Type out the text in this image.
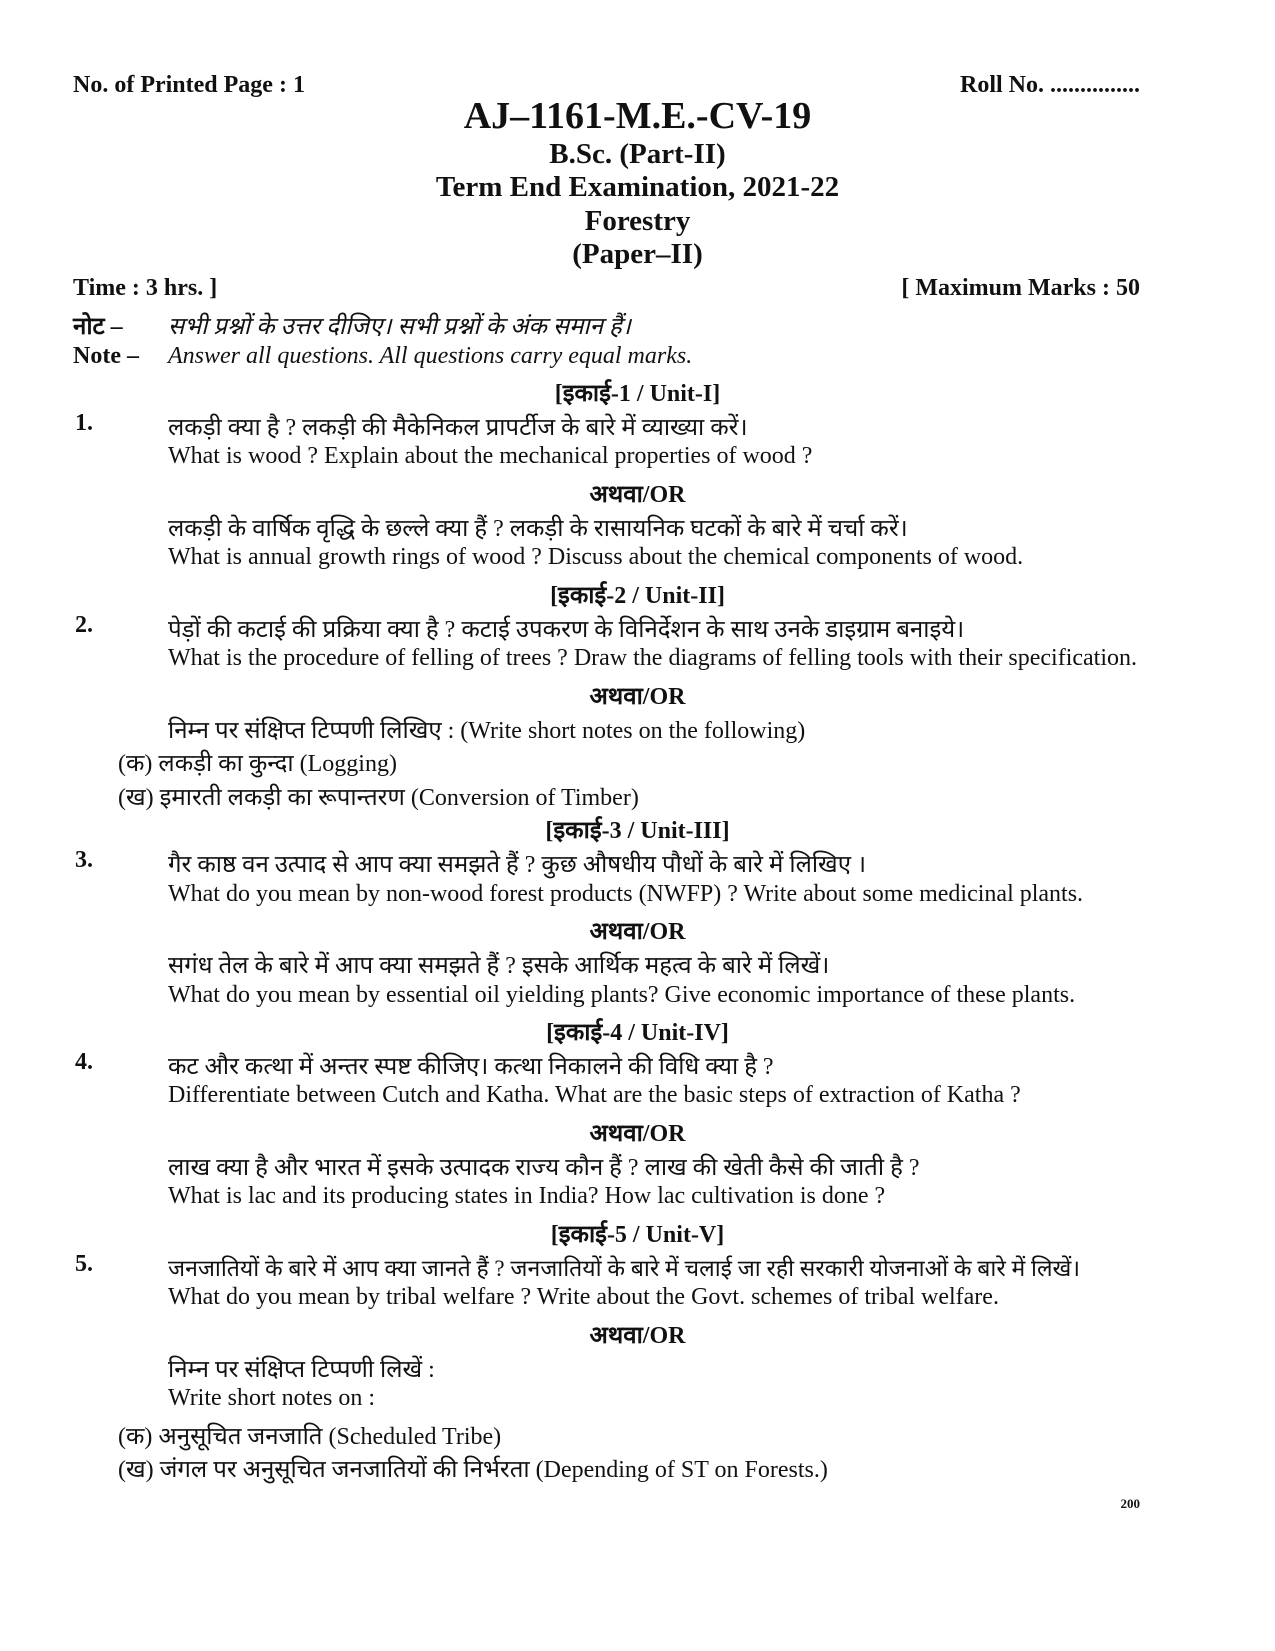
No. of Printed Page : 1	Roll No. ...............
AJ–1161-M.E.-CV-19
B.Sc. (Part-II)
Term End Examination, 2021-22
Forestry
(Paper–II)
Time : 3 hrs. ]	[ Maximum Marks : 50
नोट – सभी प्रश्नों के उत्तर दीजिए। सभी प्रश्नों के अंक समान हैं।
Note – Answer all questions. All questions carry equal marks.
[इकाई-1 / Unit-I]
1.	लकड़ी क्या है ? लकड़ी की मैकेनिकल प्रापर्टीज के बारे में व्याख्या करें।
What is wood ? Explain about the mechanical properties of wood ?
अथवा/OR
लकड़ी के वार्षिक वृद्धि के छल्ले क्या हैं ? लकड़ी के रासायनिक घटकों के बारे में चर्चा करें।
What is annual growth rings of wood ? Discuss about the chemical components of wood.
[इकाई-2 / Unit-II]
2.	पेड़ों की कटाई की प्रक्रिया क्या है ? कटाई उपकरण के विनिर्देशन के साथ उनके डाइग्राम बनाइये।
What is the procedure of felling of trees ? Draw the diagrams of felling tools with their specification.
अथवा/OR
निम्न पर संक्षिप्त टिप्पणी लिखिए : (Write short notes on the following)
(क) लकड़ी का कुन्दा (Logging)
(ख) इमारती लकड़ी का रूपान्तरण (Conversion of Timber)
[इकाई-3 / Unit-III]
3.	गैर काष्ठ वन उत्पाद से आप क्या समझते हैं ? कुछ औषधीय पौधों के बारे में लिखिए ।
What do you mean by non-wood forest products (NWFP) ? Write about some medicinal plants.
अथवा/OR
सगंध तेल के बारे में आप क्या समझते हैं ? इसके आर्थिक महत्व के बारे में लिखें।
What do you mean by essential oil yielding plants? Give economic importance of these plants.
[इकाई-4 / Unit-IV]
4.	कट और कत्था में अन्तर स्पष्ट कीजिए। कत्था निकालने की विधि क्या है ?
Differentiate between Cutch and Katha. What are the basic steps of extraction of Katha ?
अथवा/OR
लाख क्या है और भारत में इसके उत्पादक राज्य कौन हैं ? लाख की खेती कैसे की जाती है ?
What is lac and its producing states in India? How lac cultivation is done ?
[इकाई-5 / Unit-V]
5.	जनजातियों के बारे में आप क्या जानते हैं ? जनजातियों के बारे में चलाई जा रही सरकारी योजनाओं के बारे में लिखें।
What do you mean by tribal welfare ? Write about the Govt. schemes of tribal welfare.
अथवा/OR
निम्न पर संक्षिप्त टिप्पणी लिखें :
Write short notes on :
(क) अनुसूचित जनजाति (Scheduled Tribe)
(ख) जंगल पर अनुसूचित जनजातियों की निर्भरता (Depending of ST on Forests.)
200
